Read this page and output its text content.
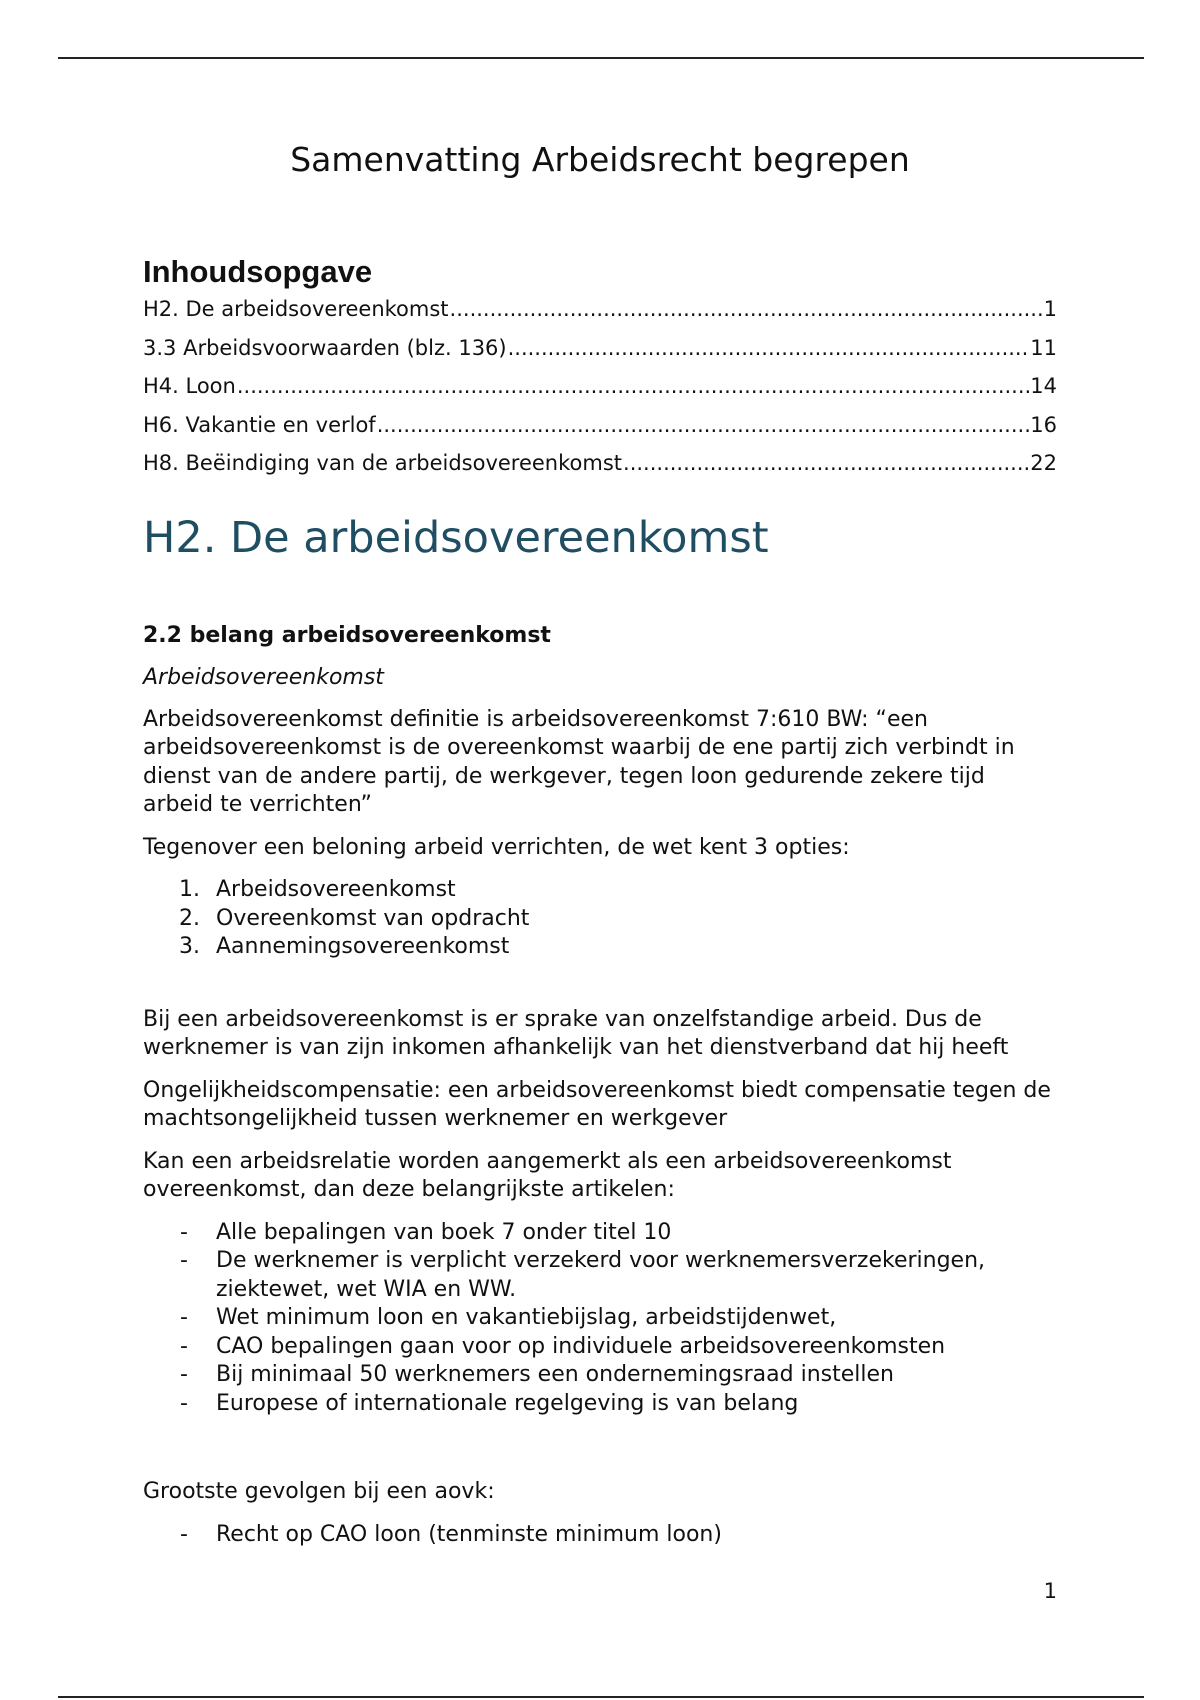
Samenvatting Arbeidsrecht begrepen
Inhoudsopgave
H2. De arbeidsovereenkomst .....	1
3.3 Arbeidsvoorwaarden (blz. 136) .....	11
H4. Loon .....	14
H6. Vakantie en verlof .....	16
H8. Beëindiging van de arbeidsovereenkomst .....	22
H2. De arbeidsovereenkomst
2.2 belang arbeidsovereenkomst
Arbeidsovereenkomst

Arbeidsovereenkomst definitie is arbeidsovereenkomst 7:610 BW: “een arbeidsovereenkomst is de overeenkomst waarbij de ene partij zich verbindt in dienst van de andere partij, de werkgever, tegen loon gedurende zekere tijd arbeid te verrichten”

Tegenover een beloning arbeid verrichten, de wet kent 3 opties:

1. Arbeidsovereenkomst
2. Overeenkomst van opdracht
3. Aannemingsovereenkomst

Bij een arbeidsovereenkomst is er sprake van onzelfstandige arbeid. Dus de werknemer is van zijn inkomen afhankelijk van het dienstverband dat hij heeft

Ongelijkheidscompensatie: een arbeidsovereenkomst biedt compensatie tegen de machtsongelijkheid tussen werknemer en werkgever

Kan een arbeidsrelatie worden aangemerkt als een arbeidsovereenkomst overeenkomst, dan deze belangrijkste artikelen:

- Alle bepalingen van boek 7 onder titel 10
- De werknemer is verplicht verzekerd voor werknemersverzekeringen, ziektewet, wet WIA en WW.
- Wet minimum loon en vakantiebijslag, arbeidstijdenwet,
- CAO bepalingen gaan voor op individuele arbeidsovereenkomsten
- Bij minimaal 50 werknemers een ondernemingsraad instellen
- Europese of internationale regelgeving is van belang

Grootste gevolgen bij een aovk:

- Recht op CAO loon (tenminste minimum loon)
1
